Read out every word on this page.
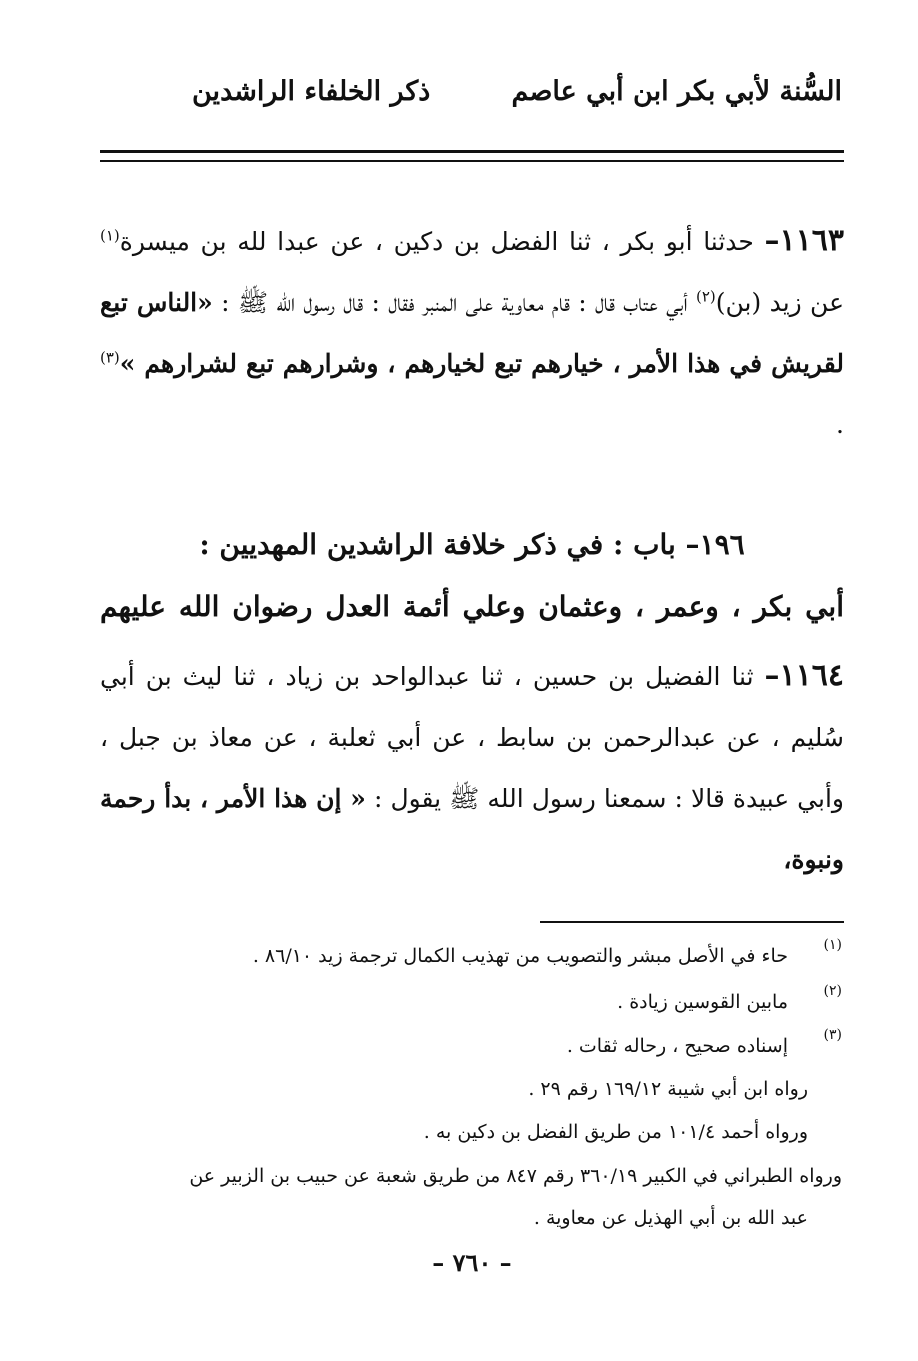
السُّنة لأبي بكر ابن أبي عاصم
ذكر الخلفاء الراشدين
١١٦٣– حدثنا أبو بكر ، ثنا الفضل بن دكين ، عن عبدا لله بن ميسرة$^{(١)}$ عن زيد (بن)$^{(٢)}$ أبي عتاب قال : قام معاوية على المنبر فقال : قال رسول الله ﷺ : «الناس تبع لقريش في هذا الأمر ، خيارهم تبع لخيارهم ، وشرارهم تبع لشرارهم »$^{(٣)}$ .
١٩٦– باب : في ذكر خلافة الراشدين المهديين :
أبي بكر ، وعمر ، وعثمان وعلي أئمة العدل رضوان الله عليهم
١١٦٤– ثنا الفضيل بن حسين ، ثنا عبدالواحد بن زياد ، ثنا ليث بن أبي سُليم ، عن عبدالرحمن بن سابط ، عن أبي ثعلبة ، عن معاذ بن جبل ، وأبي عبيدة قالا : سمعنا رسول الله ﷺ يقول : « إن هذا الأمر ، بدأ رحمة ونبوة،
(١)
حاء في الأصل مبشر والتصويب من تهذيب الكمال ترجمة زيد ٨٦/١٠ .
(٢)
مابين القوسين زيادة .
(٣)
إسناده صحيح ، رحاله ثقات .
رواه ابن أبي شيبة ١٦٩/١٢ رقم ٢٩ .
ورواه أحمد ١٠١/٤ من طريق الفضل بن دكين به .
ورواه الطبراني في الكبير ٣٦٠/١٩ رقم ٨٤٧ من طريق شعبة عن حبيب بن الزبير عن
عبد الله بن أبي الهذيل عن معاوية .
– ٧٦٠ –
